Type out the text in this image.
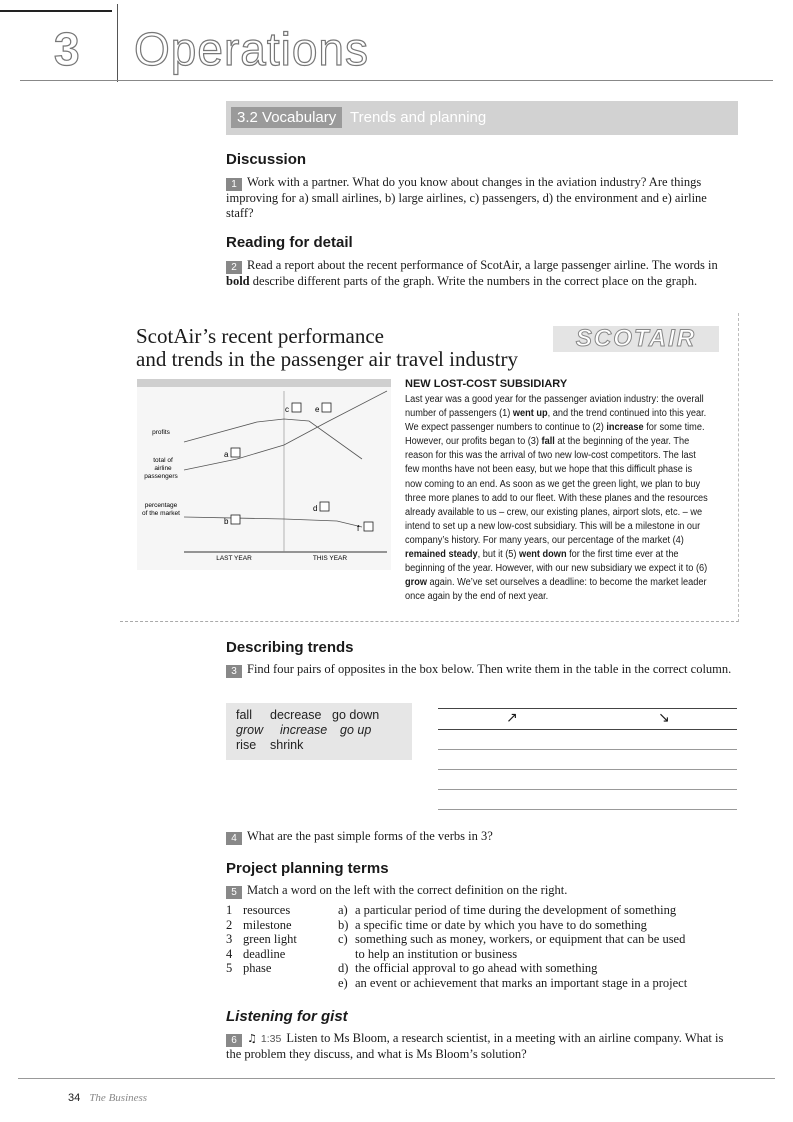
3 Operations
3.2 Vocabulary Trends and planning
Discussion
1 Work with a partner. What do you know about changes in the aviation industry? Are things improving for a) small airlines, b) large airlines, c) passengers, d) the environment and e) airline staff?
Reading for detail
2 Read a report about the recent performance of ScotAir, a large passenger airline. The words in bold describe different parts of the graph. Write the numbers in the correct place on the graph.
ScotAir’s recent performance
and trends in the passenger air travel industry
SCOTAIR
profits
total of
airline
passengers
percentage
of the market
LAST YEAR	THIS YEAR
a
b
c
d
e
f
NEW LOST-COST SUBSIDIARY
Last year was a good year for the passenger aviation industry: the overall number of passengers (1) went up, and the trend continued into this year. We expect passenger numbers to continue to (2) increase for some time. However, our profits began to (3) fall at the beginning of the year. The reason for this was the arrival of two new low-cost competitors. The last few months have not been easy, but we hope that this difficult phase is now coming to an end. As soon as we get the green light, we plan to buy three more planes to add to our fleet. With these planes and the resources already available to us – crew, our existing planes, airport slots, etc. – we intend to set up a new low-cost subsidiary. This will be a milestone in our company’s history. For many years, our percentage of the market (4) remained steady, but it (5) went down for the first time ever at the beginning of the year. However, with our new subsidiary we expect it to (6) grow again. We’ve set ourselves a deadline: to become the market leader once again by the end of next year.
Describing trends
3 Find four pairs of opposites in the box below. Then write them in the table in the correct column.
fall decrease go down
grow increase go up
rise shrink
↗	↘
4 What are the past simple forms of the verbs in 3?
Project planning terms
5 Match a word on the left with the correct definition on the right.
1 resources
2 milestone
3 green light
4 deadline
5 phase
a) a particular period of time during the development of something
b) a specific time or date by which you have to do something
c) something such as money, workers, or equipment that can be used
to help an institution or business
d) the official approval to go ahead with something
e) an event or achievement that marks an important stage in a project
Listening for gist
6 ♫ 1:35 Listen to Ms Bloom, a research scientist, in a meeting with an airline company. What is the problem they discuss, and what is Ms Bloom’s solution?
34 The Business
